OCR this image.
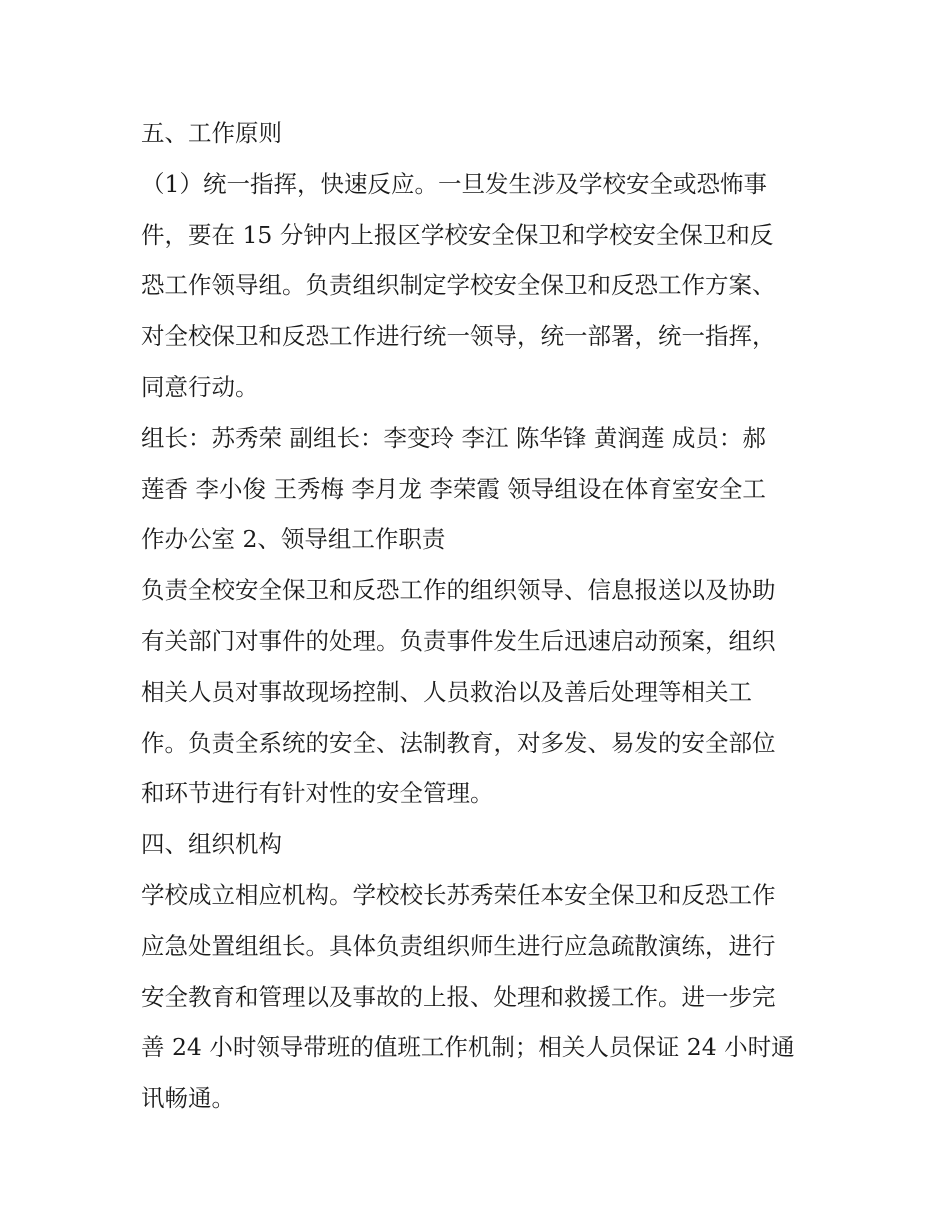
五、工作原则
（1）统一指挥，快速反应。一旦发生涉及学校安全或恐怖事
件，要在 15 分钟内上报区学校安全保卫和学校安全保卫和反
恐工作领导组。负责组织制定学校安全保卫和反恐工作方案、
对全校保卫和反恐工作进行统一领导，统一部署，统一指挥，
同意行动。
组长：苏秀荣 副组长：李变玲 李江 陈华锋 黄润莲 成员：郝
莲香 李小俊 王秀梅 李月龙 李荣霞 领导组设在体育室安全工
作办公室 2、领导组工作职责
负责全校安全保卫和反恐工作的组织领导、信息报送以及协助
有关部门对事件的处理。负责事件发生后迅速启动预案，组织
相关人员对事故现场控制、人员救治以及善后处理等相关工
作。负责全系统的安全、法制教育，对多发、易发的安全部位
和环节进行有针对性的安全管理。
四、组织机构
学校成立相应机构。学校校长苏秀荣任本安全保卫和反恐工作
应急处置组组长。具体负责组织师生进行应急疏散演练，进行
安全教育和管理以及事故的上报、处理和救援工作。进一步完
善 24 小时领导带班的值班工作机制；相关人员保证 24 小时通
讯畅通。
